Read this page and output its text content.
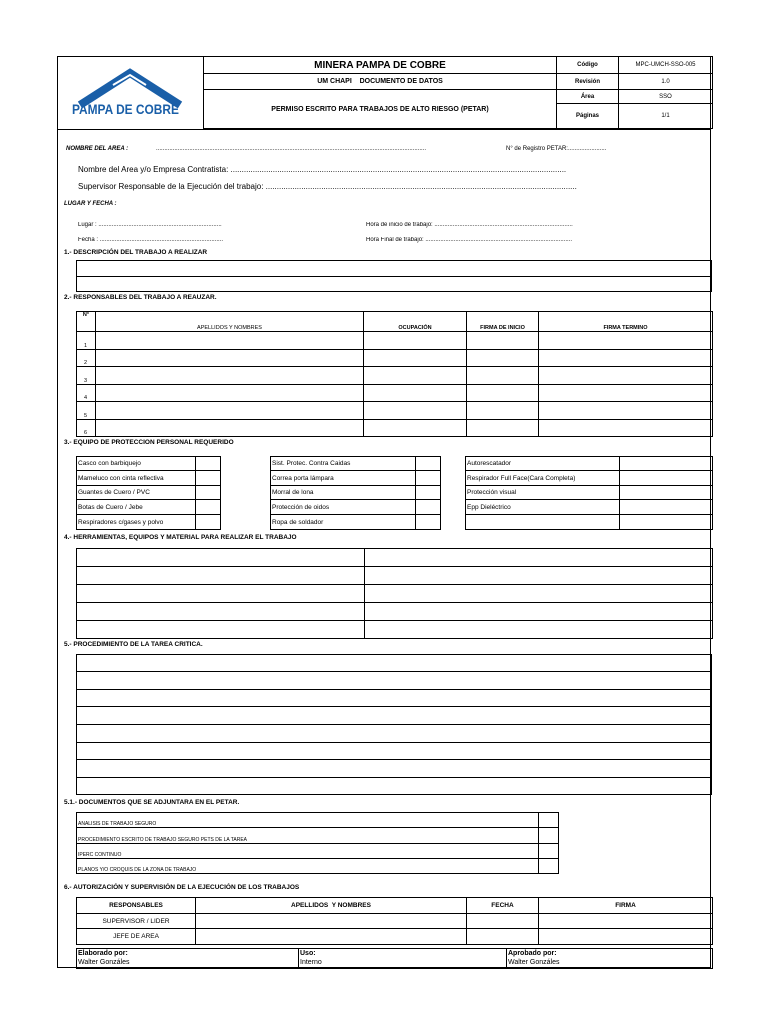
PAMPA DE COBRE
MINERA PAMPA DE COBRE	Código	MPC-UMCH-SSO-005
UM CHAPI    DOCUMENTO DE DATOS	Revisión	1.0
PERMISO ESCRITO PARA TRABAJOS DE ALTO RIESGO (PETAR)	Área	SSO
	Páginas	1/1
NOMBRE DEL AREA :	..................................................................................................................................................................	N° de Registro PETAR:.......................
Nombre del Area y/o Empresa Contratista: .......................................................................................................................................................
Supervisor Responsable de la Ejecución del trabajo: ............................................................................................................................................
LUGAR Y FECHA :
Lugar : ..........................................................................
Fecha : ..........................................................................
Hora de inicio de trabajo: ...................................................................................
Hora Final de trabajo: ........................................................................................
1.- DESCRIPCIÓN DEL TRABAJO A REALIZAR

2.- RESPONSABLES DEL TRABAJO A REAUZAR.
N°	APELLIDOS Y NOMBRES	OCUPACIÓN	FIRMA DE INICIO	FIRMA TERMINO
1				
2				
3				
4				
5				
6				
3.- EQUIPO DE PROTECCION PERSONAL REQUERIDO
Casco con barbiquejo			Sist. Protec. Contra Caidas			Autorescatador	
Mameluco con cinta reflectiva			Correa porta lámpara			Respirador Full Face(Cara Completa)	
Guantes de Cuero / PVC			Morral de lona			Protección visual	
Botas de Cuero / Jebe			Protección de oidos			Epp Dieléctrico	
Respiradores c/gases y polvo			Ropa de soldador				
4.- HERRAMIENTAS, EQUIPOS Y MATERIAL PARA REALIZAR EL TRABAJO

5.- PROCEDIMIENTO DE LA TAREA CRITICA.

5.1.- DOCUMENTOS QUE SE ADJUNTARA EN EL PETAR.
ANALISIS DE TRABAJO SEGURO	
PROCEDIMIENTO ESCRITO DE TRABAJO SEGURO PETS DE LA TAREA	
IPERC CONTINUO	
PLANOS Y/O CROQUIS DE LA ZONA DE TRABAJO	
6.- AUTORIZACIÓN Y SUPERVISIÓN DE LA EJECUCIÓN DE LOS TRABAJOS
RESPONSABLES	APELLIDOS  Y NOMBRES	FECHA	FIRMA
SUPERVISOR / LIDER			
JEFE DE AREA			
Elaborado por:
Walter Gonzáles

Uso:
Interno

Aprobado por:
Walter Gonzáles
